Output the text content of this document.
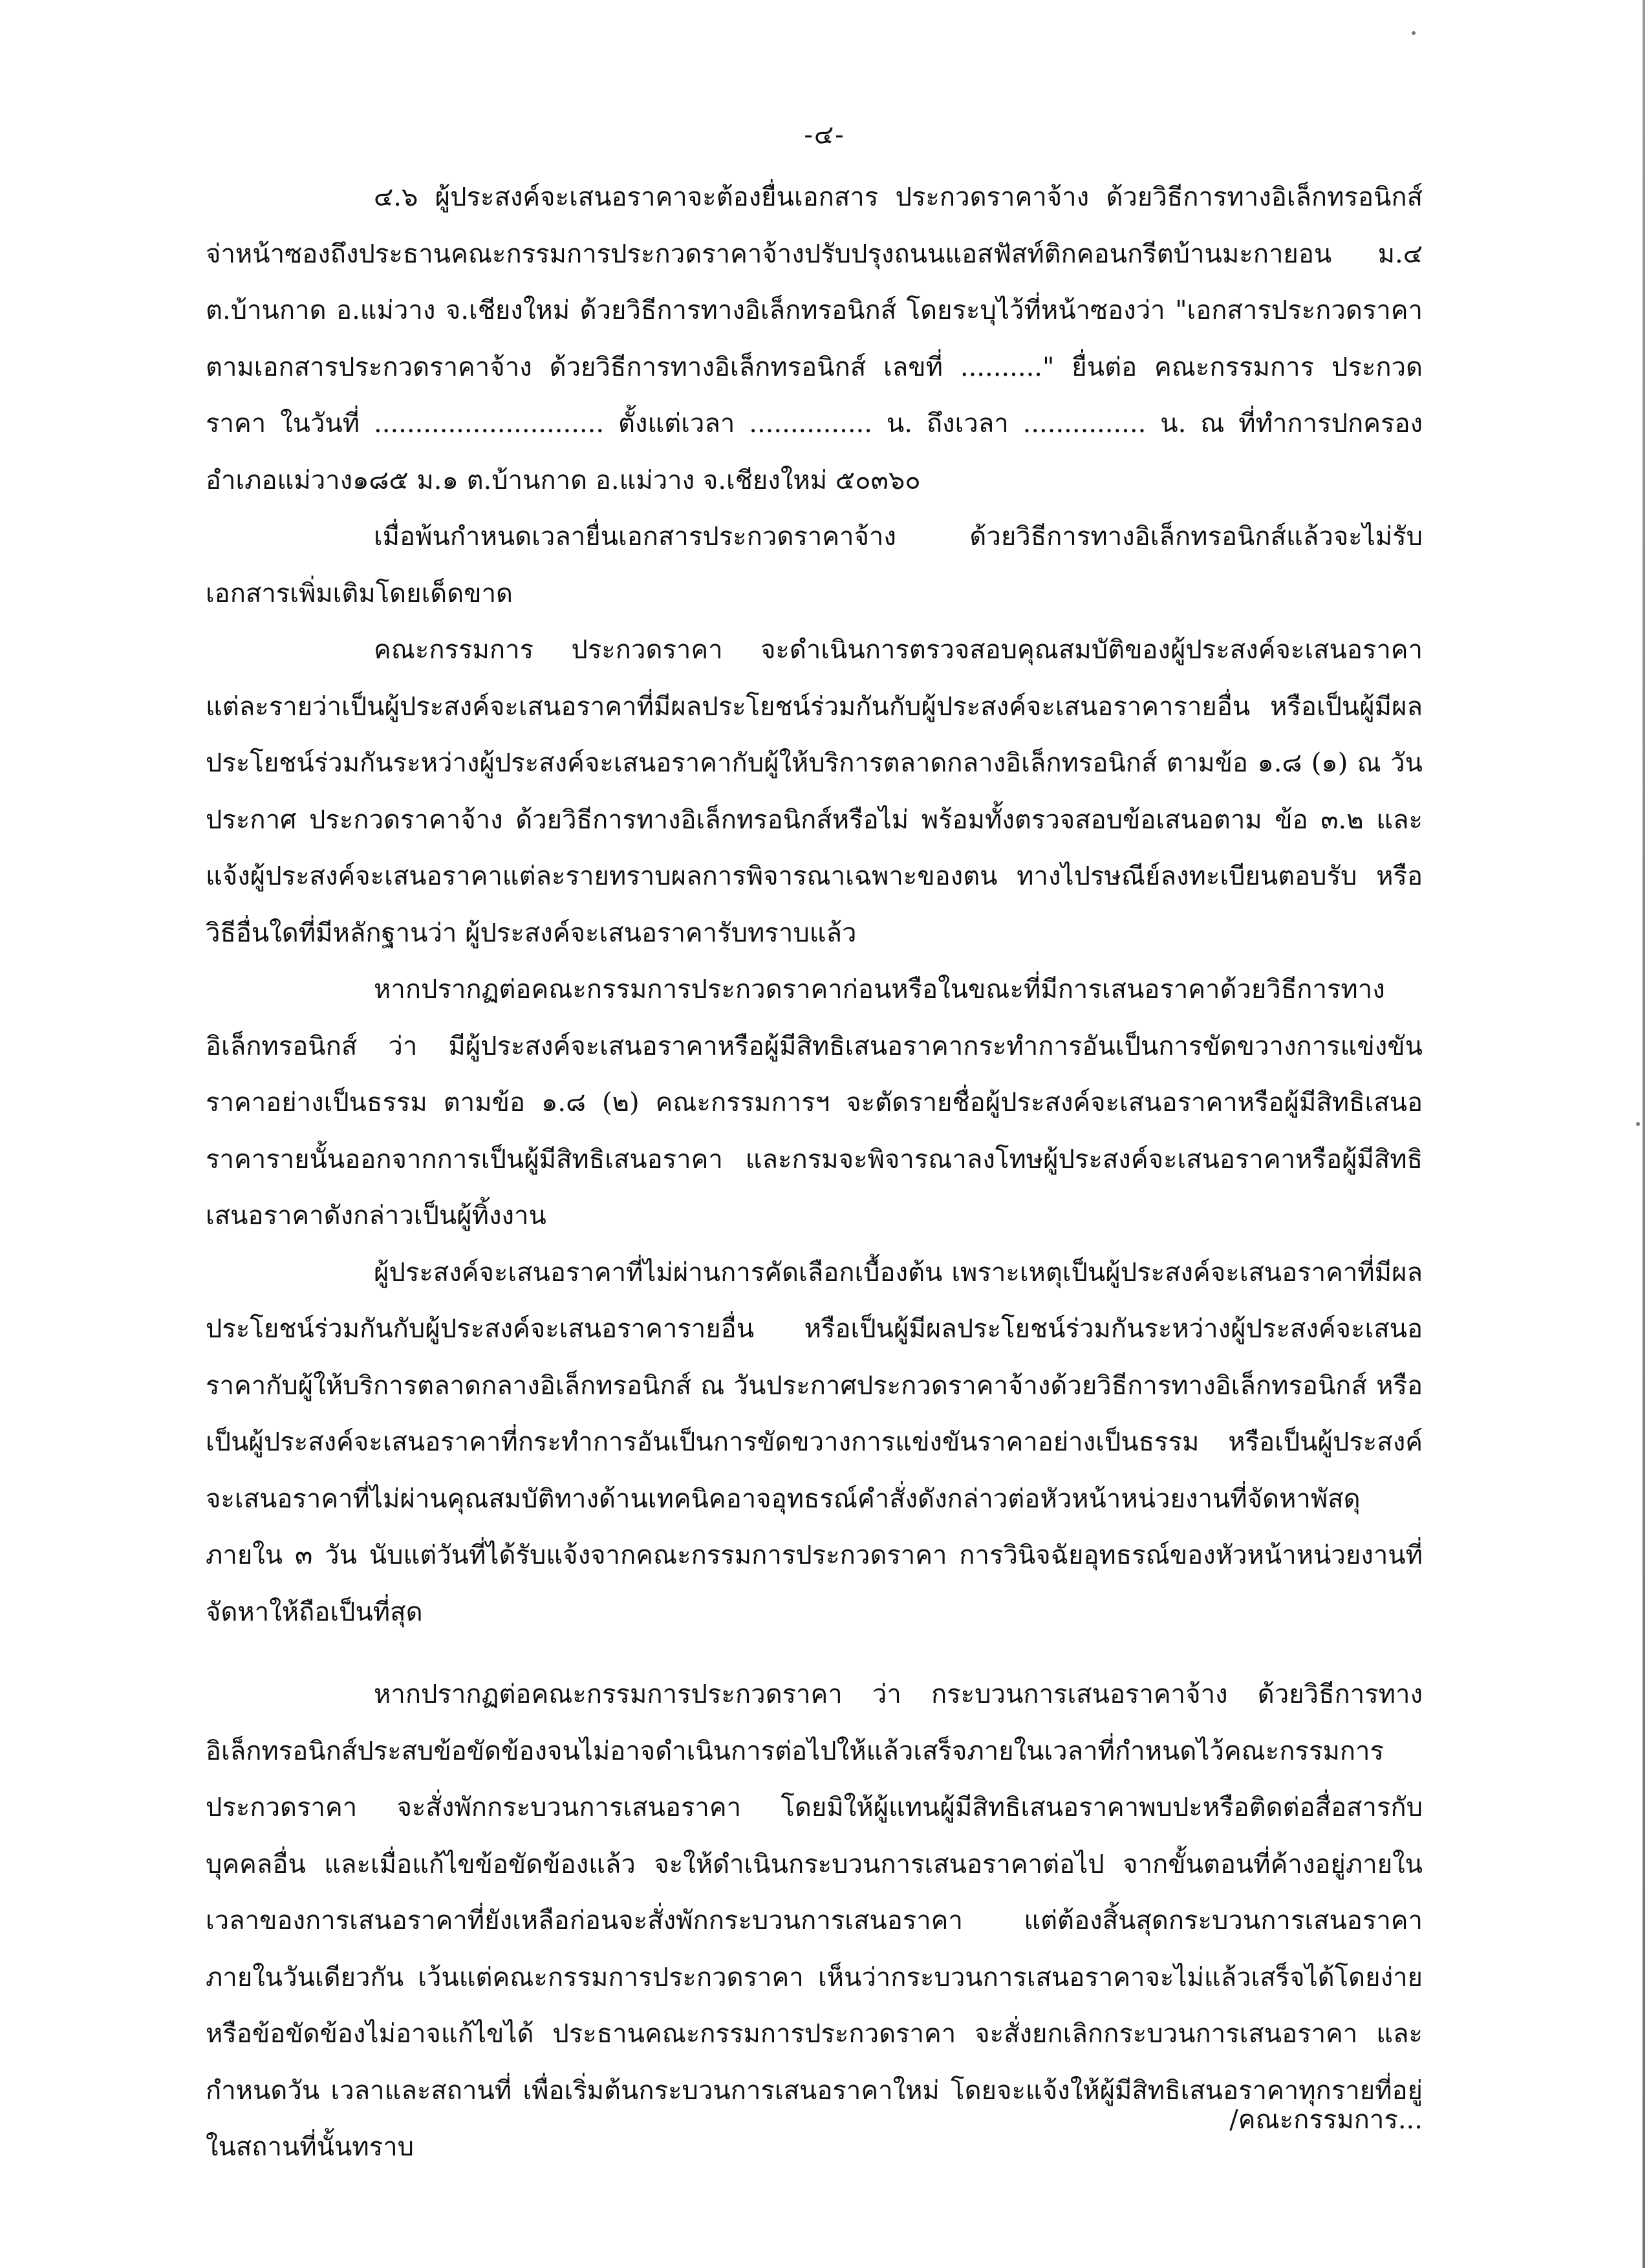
-๔-

๔.๖ ผู้ประสงค์จะเสนอราคาจะต้องยื่นเอกสาร ประกวดราคาจ้าง ด้วยวิธีการทางอิเล็กทรอนิกส์ จ่าหน้าซองถึงประธานคณะกรรมการประกวดราคาจ้างปรับปรุงถนนแอสฟัสท์ติกคอนกรีตบ้านมะกายอน ม.๔ ต.บ้านกาด อ.แม่วาง จ.เชียงใหม่ ด้วยวิธีการทางอิเล็กทรอนิกส์ โดยระบุไว้ที่หน้าซองว่า "เอกสารประกวดราคา ตามเอกสารประกวดราคาจ้าง ด้วยวิธีการทางอิเล็กทรอนิกส์ เลขที่ .........." ยื่นต่อ คณะกรรมการ ประกวดราคา ในวันที่ ............................ ตั้งแต่เวลา ............... น. ถึงเวลา ............... น. ณ ที่ทำการปกครองอำเภอแม่วาง๑๘๕ ม.๑ ต.บ้านกาด อ.แม่วาง จ.เชียงใหม่ ๕๐๓๖๐

เมื่อพ้นกำหนดเวลายื่นเอกสารประกวดราคาจ้าง ด้วยวิธีการทางอิเล็กทรอนิกส์แล้วจะไม่รับเอกสารเพิ่มเติมโดยเด็ดขาด

คณะกรรมการ ประกวดราคา จะดำเนินการตรวจสอบคุณสมบัติของผู้ประสงค์จะเสนอราคาแต่ละรายว่าเป็นผู้ประสงค์จะเสนอราคาที่มีผลประโยชน์ร่วมกันกับผู้ประสงค์จะเสนอราคารายอื่น หรือเป็นผู้มีผลประโยชน์ร่วมกันระหว่างผู้ประสงค์จะเสนอราคากับผู้ให้บริการตลาดกลางอิเล็กทรอนิกส์ ตามข้อ ๑.๘ (๑) ณ วันประกาศ ประกวดราคาจ้าง ด้วยวิธีการทางอิเล็กทรอนิกส์หรือไม่ พร้อมทั้งตรวจสอบข้อเสนอตาม ข้อ ๓.๒ และแจ้งผู้ประสงค์จะเสนอราคาแต่ละรายทราบผลการพิจารณาเฉพาะของตน ทางไปรษณีย์ลงทะเบียนตอบรับ หรือวิธีอื่นใดที่มีหลักฐานว่า ผู้ประสงค์จะเสนอราคารับทราบแล้ว

หากปรากฏต่อคณะกรรมการประกวดราคาก่อนหรือในขณะที่มีการเสนอราคาด้วยวิธีการทางอิเล็กทรอนิกส์ ว่า มีผู้ประสงค์จะเสนอราคาหรือผู้มีสิทธิเสนอราคากระทำการอันเป็นการขัดขวางการแข่งขันราคาอย่างเป็นธรรม ตามข้อ ๑.๘ (๒) คณะกรรมการฯ จะตัดรายชื่อผู้ประสงค์จะเสนอราคาหรือผู้มีสิทธิเสนอราคารายนั้นออกจากการเป็นผู้มีสิทธิเสนอราคา และกรมจะพิจารณาลงโทษผู้ประสงค์จะเสนอราคาหรือผู้มีสิทธิเสนอราคาดังกล่าวเป็นผู้ทิ้งงาน

ผู้ประสงค์จะเสนอราคาที่ไม่ผ่านการคัดเลือกเบื้องต้น เพราะเหตุเป็นผู้ประสงค์จะเสนอราคาที่มีผลประโยชน์ร่วมกันกับผู้ประสงค์จะเสนอราคารายอื่น หรือเป็นผู้มีผลประโยชน์ร่วมกันระหว่างผู้ประสงค์จะเสนอราคากับผู้ให้บริการตลาดกลางอิเล็กทรอนิกส์ ณ วันประกาศประกวดราคาจ้างด้วยวิธีการทางอิเล็กทรอนิกส์ หรือเป็นผู้ประสงค์จะเสนอราคาที่กระทำการอันเป็นการขัดขวางการแข่งขันราคาอย่างเป็นธรรม หรือเป็นผู้ประสงค์จะเสนอราคาที่ไม่ผ่านคุณสมบัติทางด้านเทคนิคอาจอุทธรณ์คำสั่งดังกล่าวต่อหัวหน้าหน่วยงานที่จัดหาพัสดุภายใน ๓ วัน นับแต่วันที่ได้รับแจ้งจากคณะกรรมการประกวดราคา การวินิจฉัยอุทธรณ์ของหัวหน้าหน่วยงานที่จัดหาให้ถือเป็นที่สุด

หากปรากฏต่อคณะกรรมการประกวดราคา ว่า กระบวนการเสนอราคาจ้าง ด้วยวิธีการทางอิเล็กทรอนิกส์ประสบข้อขัดข้องจนไม่อาจดำเนินการต่อไปให้แล้วเสร็จภายในเวลาที่กำหนดไว้คณะกรรมการประกวดราคา จะสั่งพักกระบวนการเสนอราคา โดยมิให้ผู้แทนผู้มีสิทธิเสนอราคาพบปะหรือติดต่อสื่อสารกับบุคคลอื่น และเมื่อแก้ไขข้อขัดข้องแล้ว จะให้ดำเนินกระบวนการเสนอราคาต่อไป จากขั้นตอนที่ค้างอยู่ภายในเวลาของการเสนอราคาที่ยังเหลือก่อนจะสั่งพักกระบวนการเสนอราคา แต่ต้องสิ้นสุดกระบวนการเสนอราคาภายในวันเดียวกัน เว้นแต่คณะกรรมการประกวดราคา เห็นว่ากระบวนการเสนอราคาจะไม่แล้วเสร็จได้โดยง่าย หรือข้อขัดข้องไม่อาจแก้ไขได้ ประธานคณะกรรมการประกวดราคา จะสั่งยกเลิกกระบวนการเสนอราคา และกำหนดวัน เวลาและสถานที่ เพื่อเริ่มต้นกระบวนการเสนอราคาใหม่ โดยจะแจ้งให้ผู้มีสิทธิเสนอราคาทุกรายที่อยู่ในสถานที่นั้นทราบ

/คณะกรรมการ...
